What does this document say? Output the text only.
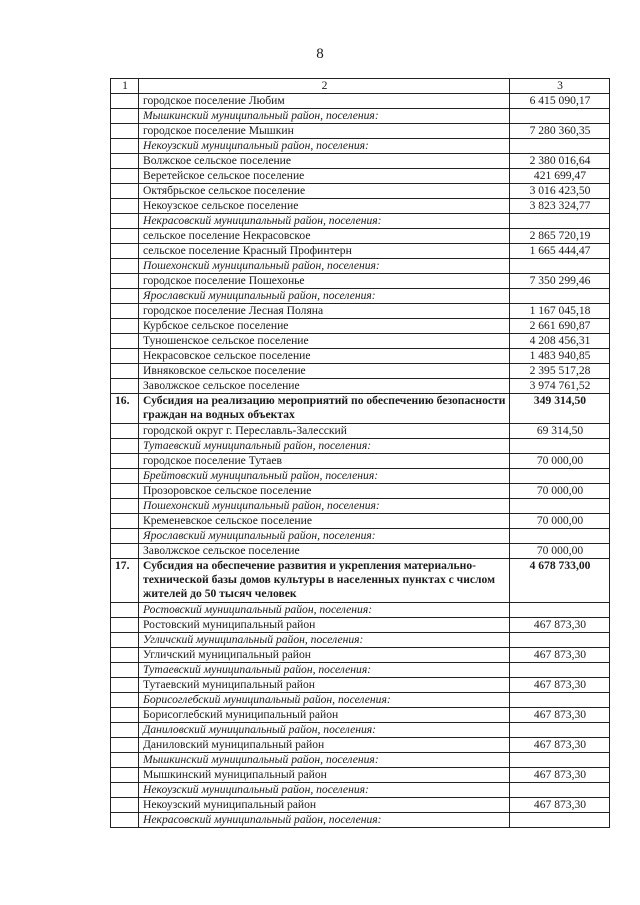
8
1	2	3
	городское поселение Любим	6 415 090,17
	Мышкинский муниципальный район, поселения:	
	городское поселение Мышкин	7 280 360,35
	Некоузский муниципальный район, поселения:	
	Волжское сельское поселение	2 380 016,64
	Веретейское сельское поселение	421 699,47
	Октябрьское сельское поселение	3 016 423,50
	Некоузское сельское поселение	3 823 324,77
	Некрасовский муниципальный район, поселения:	
	сельское поселение Некрасовское	2 865 720,19
	сельское поселение Красный Профинтерн	1 665 444,47
	Пошехонский муниципальный район, поселения:	
	городское поселение Пошехонье	7 350 299,46
	Ярославский муниципальный район, поселения:	
	городское поселение Лесная Поляна	1 167 045,18
	Курбское сельское поселение	2 661 690,87
	Туношенское сельское поселение	4 208 456,31
	Некрасовское сельское поселение	1 483 940,85
	Ивняковское сельское поселение	2 395 517,28
	Заволжское сельское поселение	3 974 761,52
16.	Субсидия на реализацию мероприятий по обеспечению безопасности граждан на водных объектах	349 314,50
	городской округ г. Переславль-Залесский	69 314,50
	Тутаевский муниципальный район, поселения:	
	городское поселение Тутаев	70 000,00
	Брейтовский муниципальный район, поселения:	
	Прозоровское сельское поселение	70 000,00
	Пошехонский муниципальный район, поселения:	
	Кременевское сельское поселение	70 000,00
	Ярославский муниципальный район, поселения:	
	Заволжское сельское поселение	70 000,00
17.	Субсидия на обеспечение развития и укрепления материально-технической базы домов культуры в населенных пунктах с числом жителей до 50 тысяч человек	4 678 733,00
	Ростовский муниципальный район, поселения:	
	Ростовский муниципальный район	467 873,30
	Угличский муниципальный район, поселения:	
	Угличский муниципальный район	467 873,30
	Тутаевский муниципальный район, поселения:	
	Тутаевский муниципальный район	467 873,30
	Борисоглебский муниципальный район, поселения:	
	Борисоглебский муниципальный район	467 873,30
	Даниловский муниципальный район, поселения:	
	Даниловский муниципальный район	467 873,30
	Мышкинский муниципальный район, поселения:	
	Мышкинский муниципальный район	467 873,30
	Некоузский муниципальный район, поселения:	
	Некоузский муниципальный район	467 873,30
	Некрасовский муниципальный район, поселения:	
